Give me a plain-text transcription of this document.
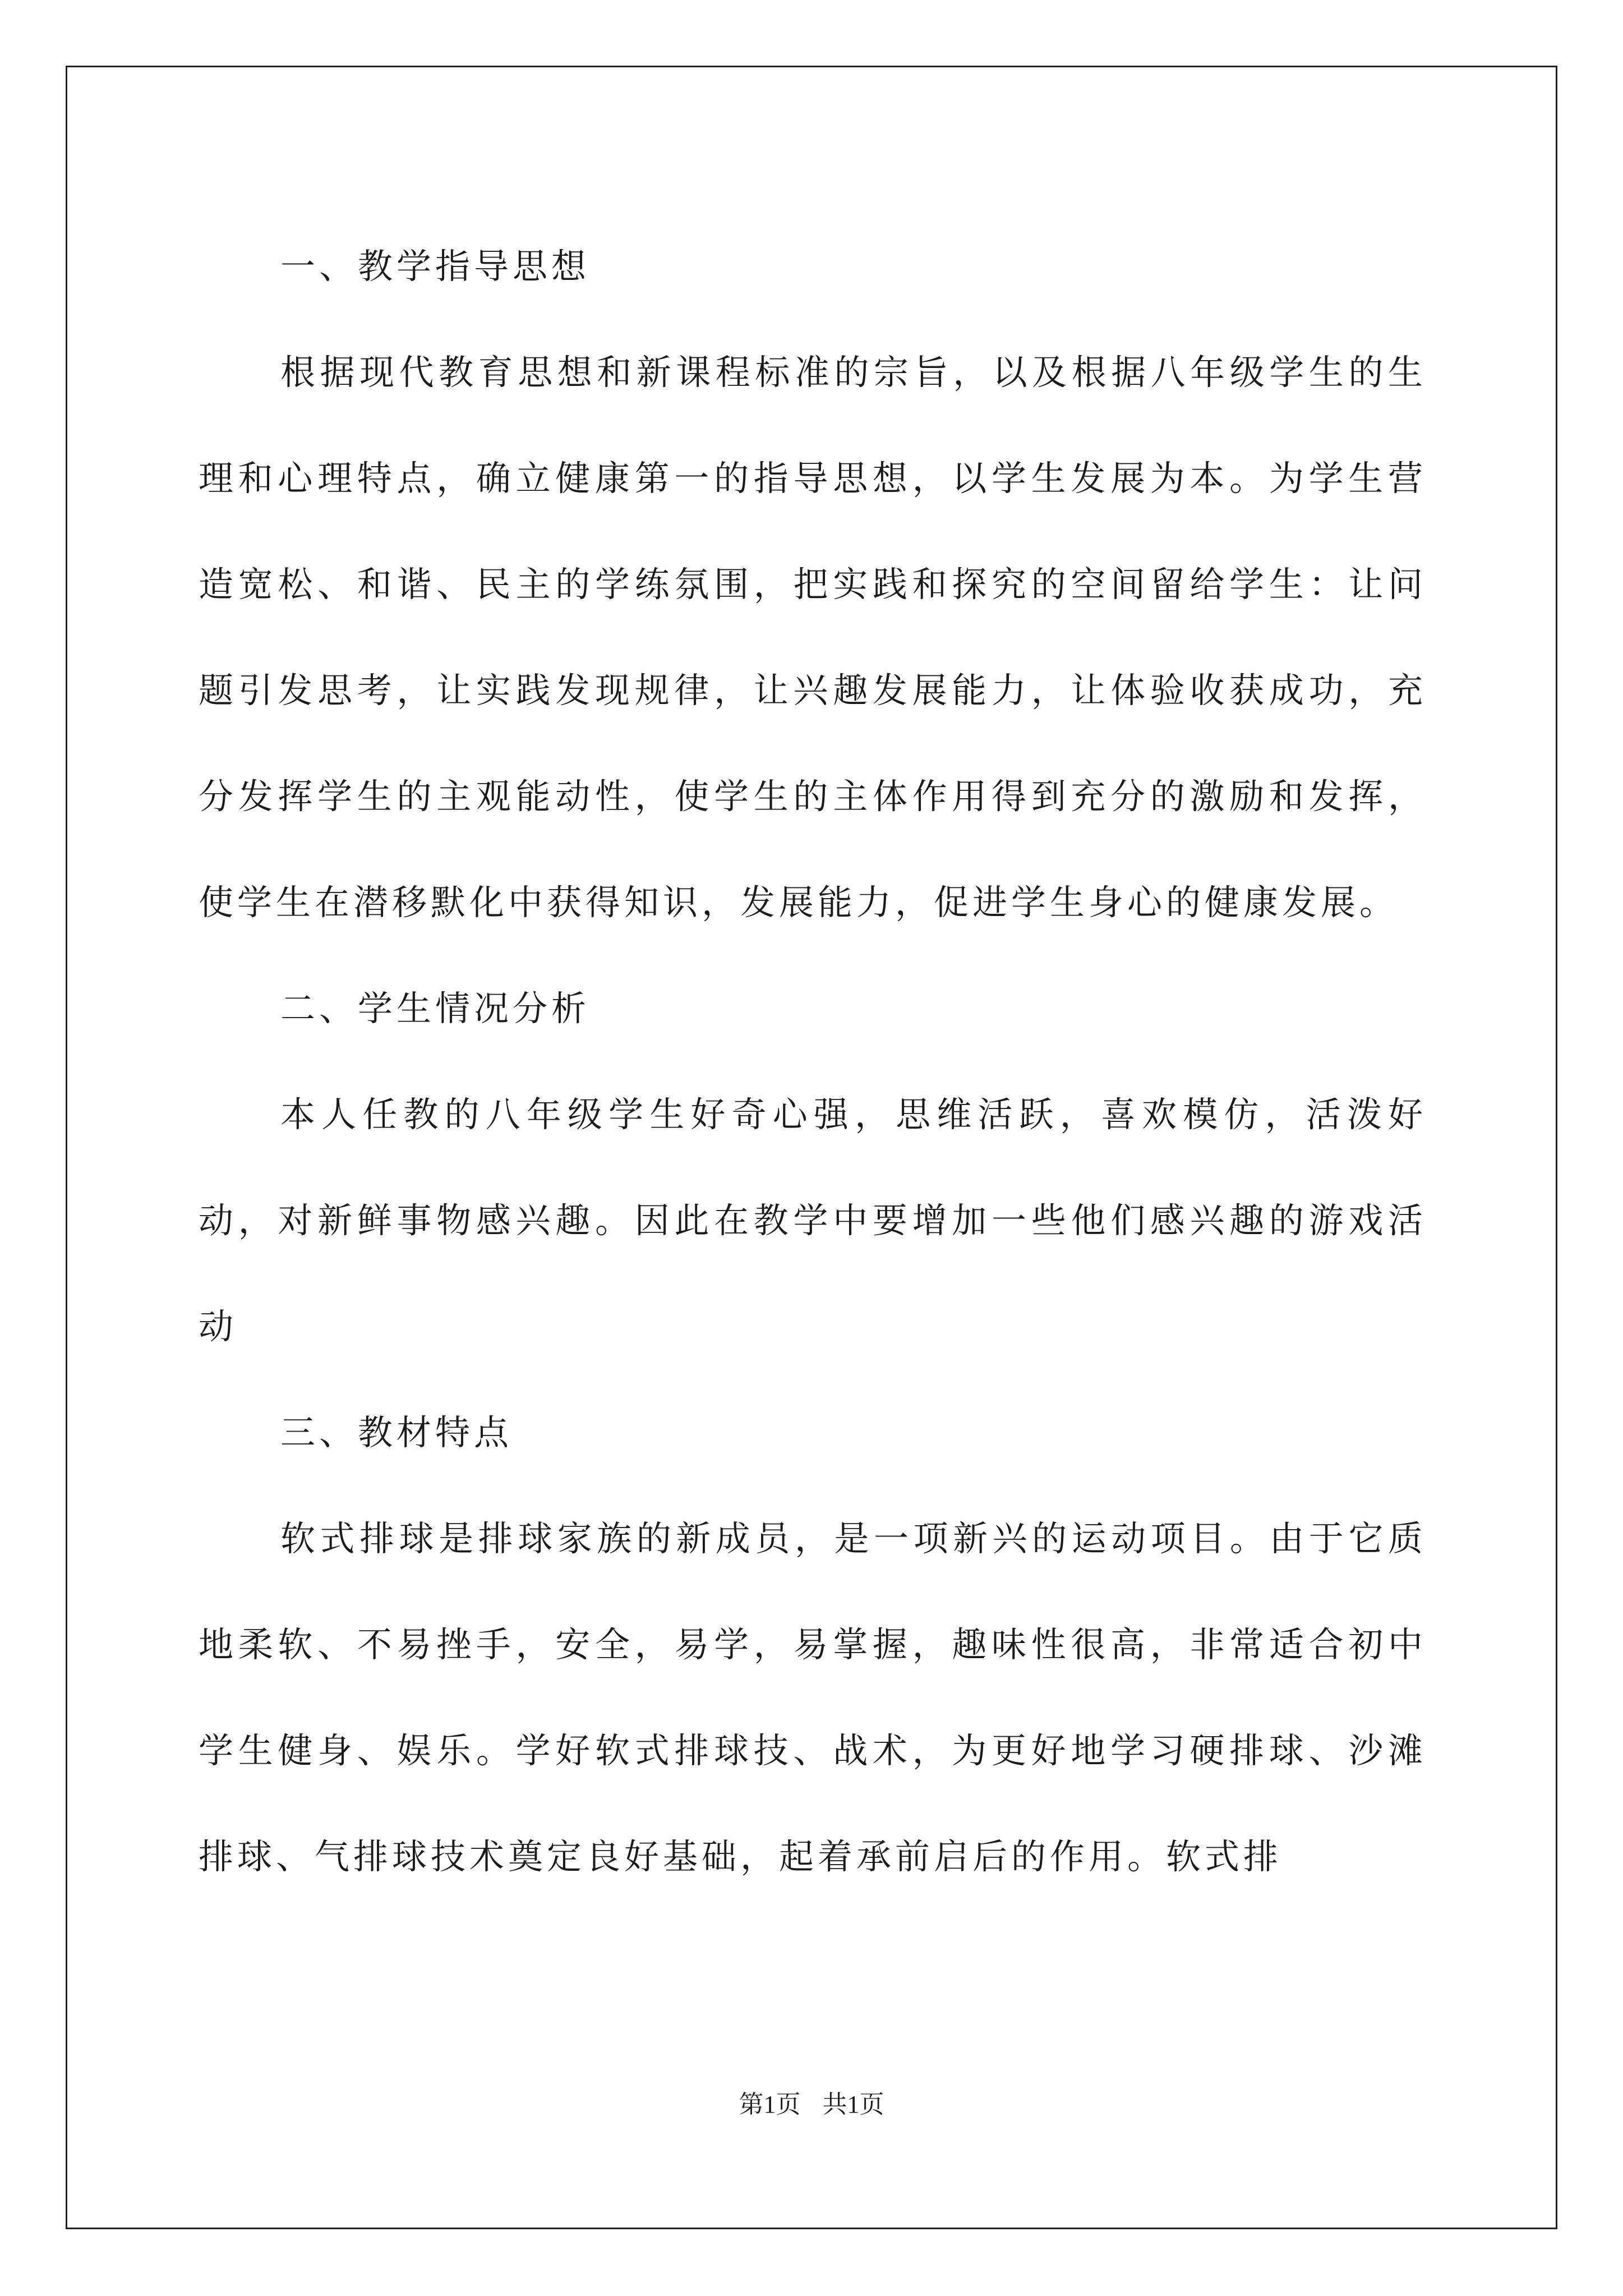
一、教学指导思想

根据现代教育思想和新课程标准的宗旨，以及根据八年级学生的生理和心理特点，确立健康第一的指导思想，以学生发展为本。为学生营造宽松、和谐、民主的学练氛围，把实践和探究的空间留给学生：让问题引发思考，让实践发现规律，让兴趣发展能力，让体验收获成功，充分发挥学生的主观能动性，使学生的主体作用得到充分的激励和发挥，使学生在潜移默化中获得知识，发展能力，促进学生身心的健康发展。

二、学生情况分析

本人任教的八年级学生好奇心强，思维活跃，喜欢模仿，活泼好动，对新鲜事物感兴趣。因此在教学中要增加一些他们感兴趣的游戏活动

三、教材特点

软式排球是排球家族的新成员，是一项新兴的运动项目。由于它质地柔软、不易挫手，安全，易学，易掌握，趣味性很高，非常适合初中学生健身、娱乐。学好软式排球技、战术，为更好地学习硬排球、沙滩排球、气排球技术奠定良好基础，起着承前启后的作用。软式排

第1页 共1页
